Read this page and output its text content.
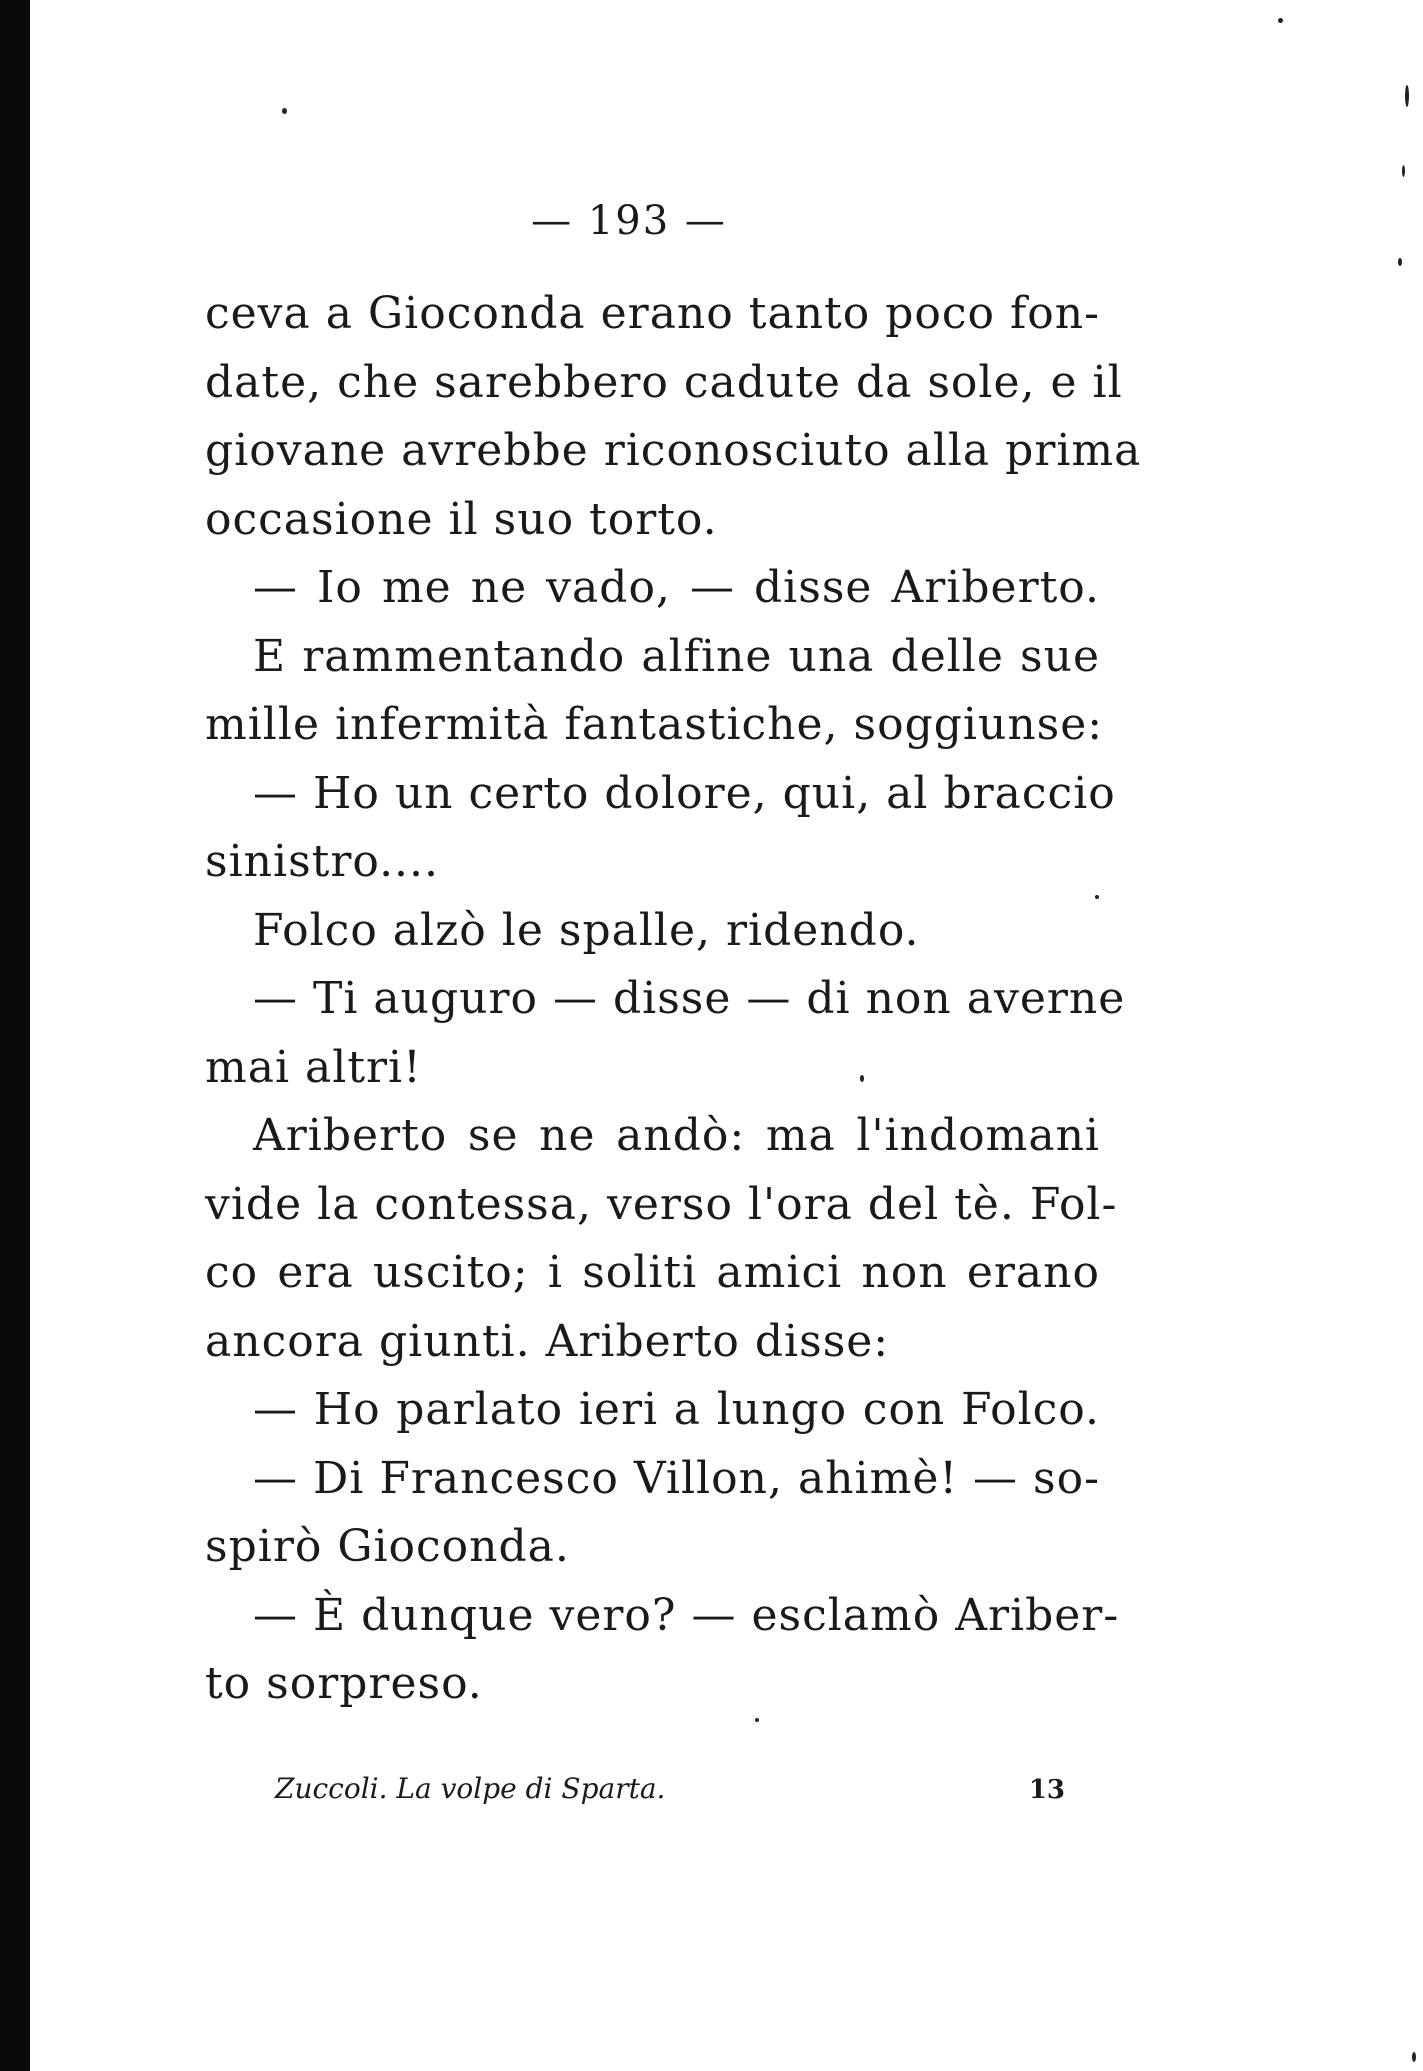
— 193 —
ceva a Gioconda erano tanto poco fon-
date, che sarebbero cadute da sole, e il
giovane avrebbe riconosciuto alla prima
occasione il suo torto.
— Io me ne vado, — disse Ariberto.
E rammentando alfine una delle sue
mille infermità fantastiche, soggiunse:
— Ho un certo dolore, qui, al braccio
sinistro....
Folco alzò le spalle, ridendo.
— Ti auguro — disse — di non averne
mai altri!
Ariberto se ne andò: ma l'indomani
vide la contessa, verso l'ora del tè. Fol-
co era uscito; i soliti amici non erano
ancora giunti. Ariberto disse:
— Ho parlato ieri a lungo con Folco.
— Di Francesco Villon, ahimè! — so-
spirò Gioconda.
— È dunque vero? — esclamò Ariber-
to sorpreso.
Zuccoli. La volpe di Sparta.	13
